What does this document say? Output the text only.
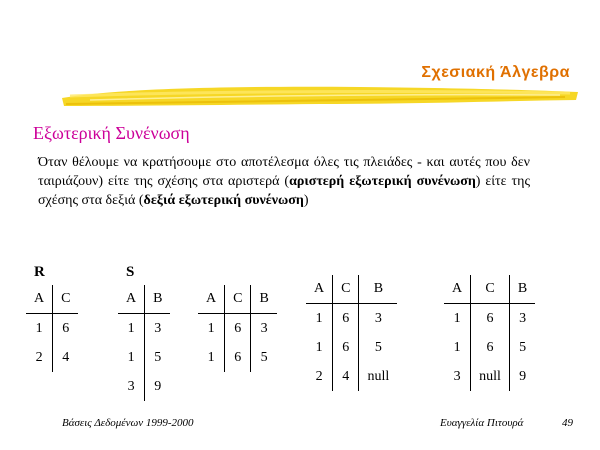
Σχεσιακή Άλγεβρα
Εξωτερική Συνένωση
Όταν θέλουμε να κρατήσουμε στο αποτέλεσμα όλες τις πλειάδες - και αυτές που δεν ταιριάζουν) είτε της σχέσης στα αριστερά (αριστερή εξωτερική συνένωση) είτε της σχέσης στα δεξιά (δεξιά εξωτερική συνένωση)
R
A	C
1	6
2	4
S
A	B
1	3
1	5
3	9
A	C	B
1	6	3
1	6	5
A	C	B
1	6	3
1	6	5
2	4	null
A	C	B
1	6	3
1	6	5
3	null	9
Βάσεις Δεδομένων 1999-2000	Ευαγγελία Πιτουρά	49
